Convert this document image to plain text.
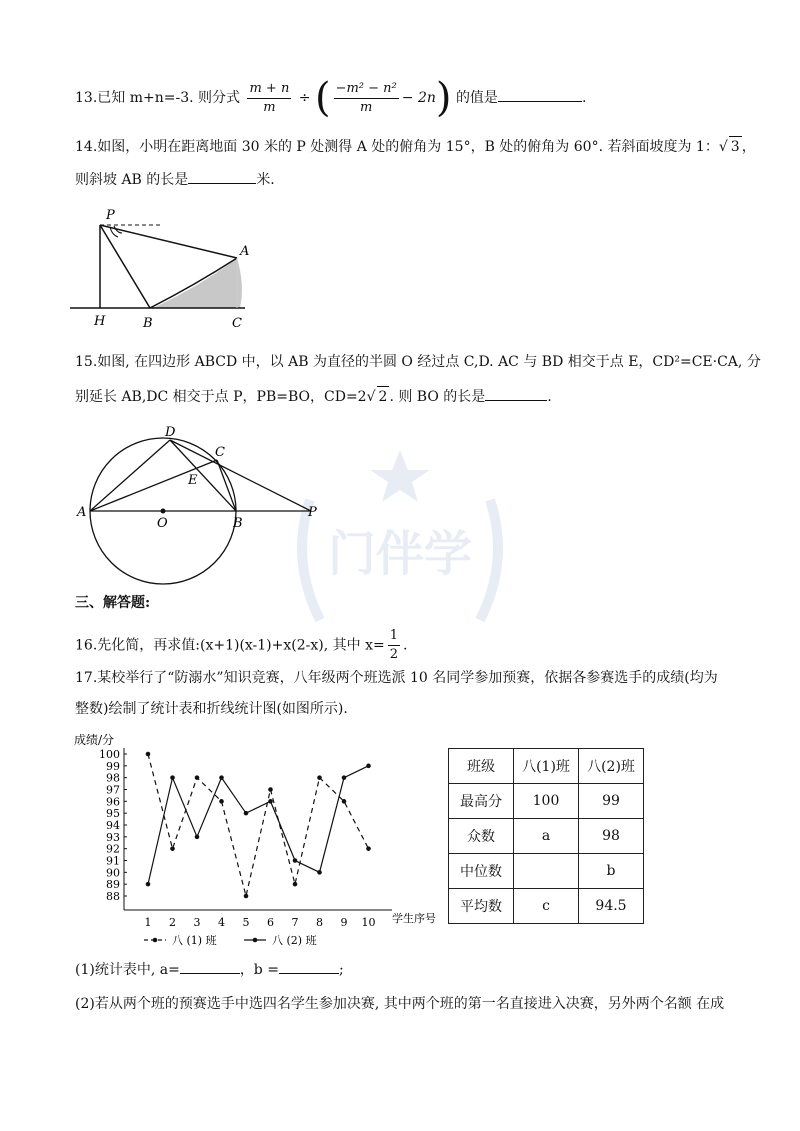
门伴学
13.已知 m+n=-3. 则分式 $\frac{m + n}{m}$ ÷ ( $\frac{\text{−m² − n²}}{m} - 2n$) 的值是	.
14.如图，小明在距离地面 30 米的 P 处测得 A 处的俯角为 15°，B 处的俯角为 60°. 若斜面坡度为 1：√ 3 ，
则斜坡 AB 的长是	米.
P
A
H	B	C
15.如图, 在四边形 ABCD 中，以 AB 为直径的半圆 O 经过点 C,D. AC 与 BD 相交于点 E，CD²=CE·CA, 分
别延长 AB,DC 相交于点 P，PB=BO，CD=2√ 2 . 则 BO 的长是	.
D
C
E
A
O	B
P
三、解答题:
16.先化简，再求值:(x+1)(x-1)+x(2-x), 其中 $x= \frac{1}{2}$ .
17.某校举行了“防溺水”知识竞赛，八年级两个班选派 10 名同学参加预赛，依据各参赛选手的成绩(均为
整数)绘制了统计表和折线统计图(如图所示).
成绩/分
学生序号
88
89
90
91
92
93
94
95
96
97
98
99
100
1 2 3 4 5 6 7 8 9 10
八 (1) 班	八 (2) 班
班级	八(1)班	八(2)班
最高分	100	99
众数	a	98
中位数		b
平均数	c	94.5
(1)统计表中, a=	，b =	;
(2)若从两个班的预赛选手中选四名学生参加决赛, 其中两个班的第一名直接进入决赛，另外两个名额 在成
